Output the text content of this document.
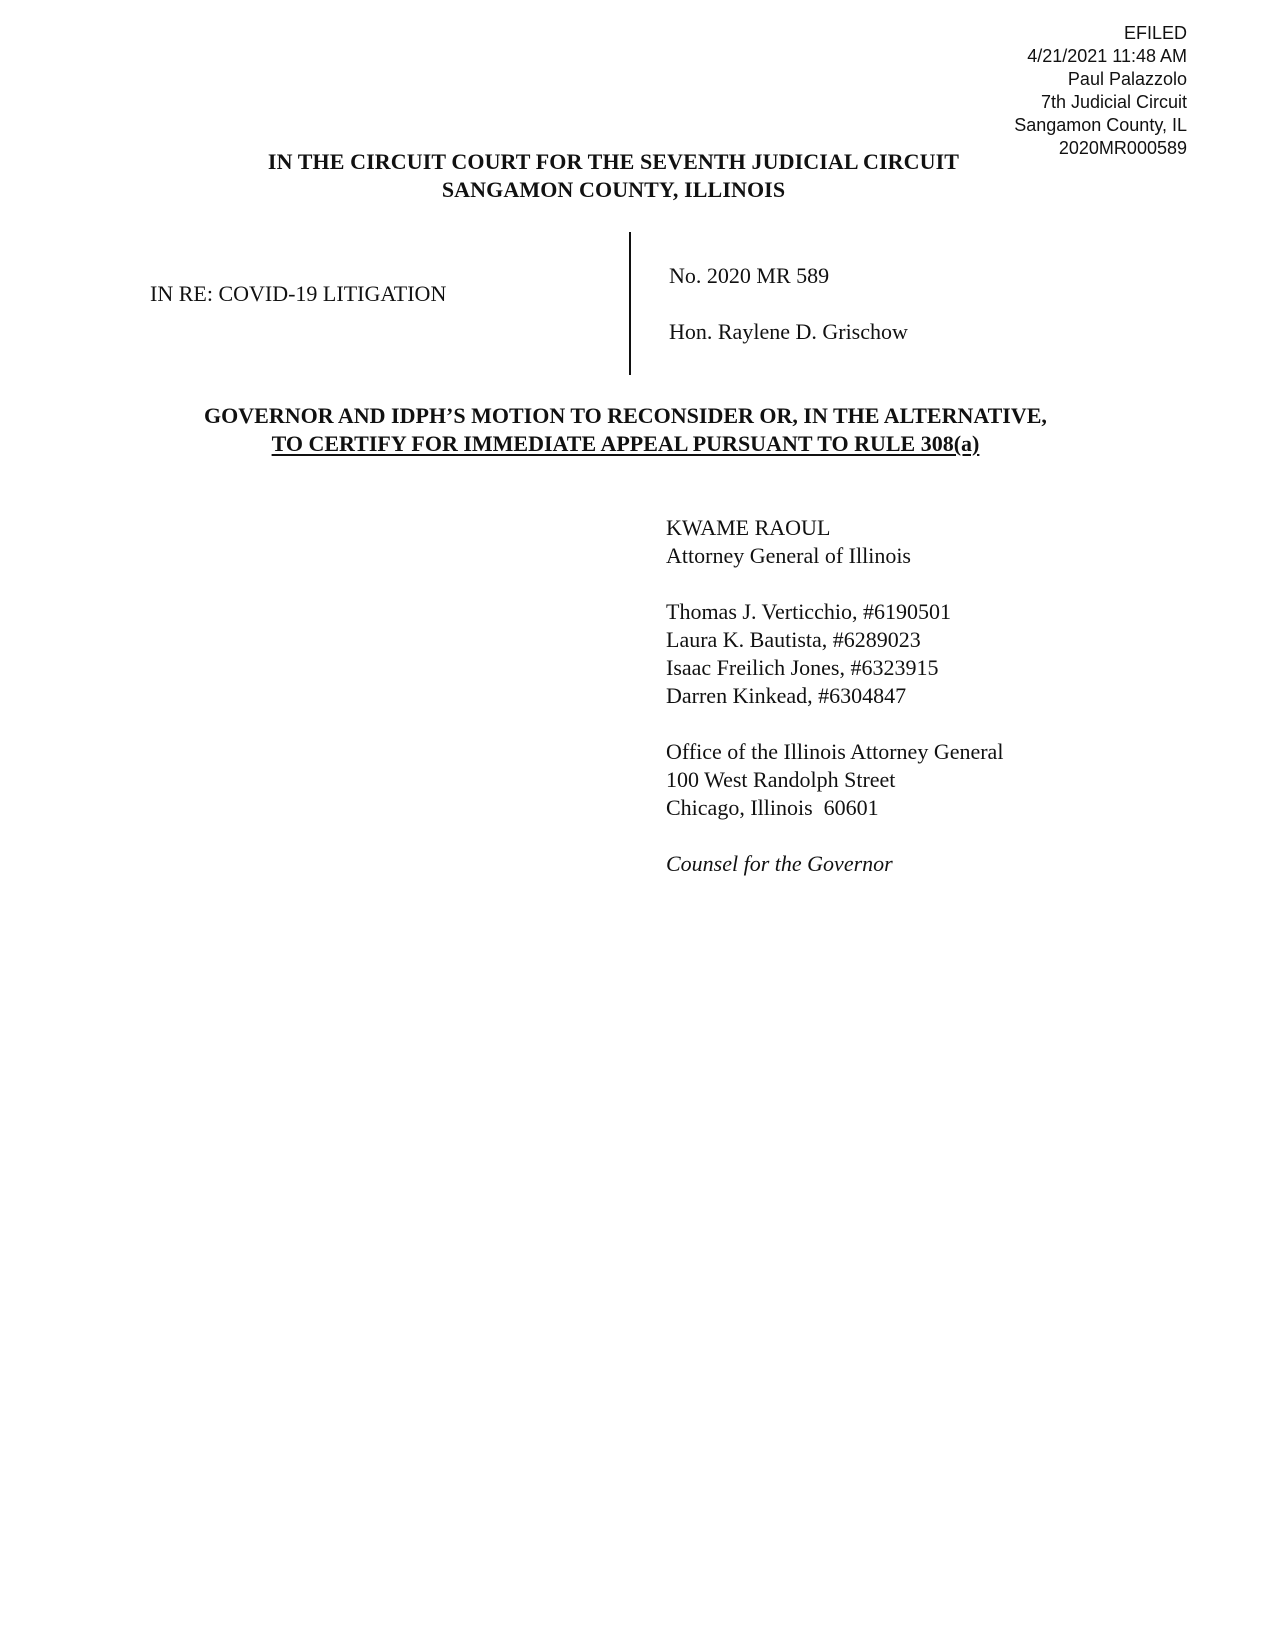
EFILED
4/21/2021 11:48 AM
Paul Palazzolo
7th Judicial Circuit
Sangamon County, IL
2020MR000589
IN THE CIRCUIT COURT FOR THE SEVENTH JUDICIAL CIRCUIT
SANGAMON COUNTY, ILLINOIS
IN RE: COVID-19 LITIGATION
No. 2020 MR 589
Hon. Raylene D. Grischow
GOVERNOR AND IDPH’S MOTION TO RECONSIDER OR, IN THE ALTERNATIVE,
TO CERTIFY FOR IMMEDIATE APPEAL PURSUANT TO RULE 308(a)
KWAME RAOUL
Attorney General of Illinois
Thomas J. Verticchio, #6190501
Laura K. Bautista, #6289023
Isaac Freilich Jones, #6323915
Darren Kinkead, #6304847
Office of the Illinois Attorney General
100 West Randolph Street
Chicago, Illinois  60601
Counsel for the Governor
